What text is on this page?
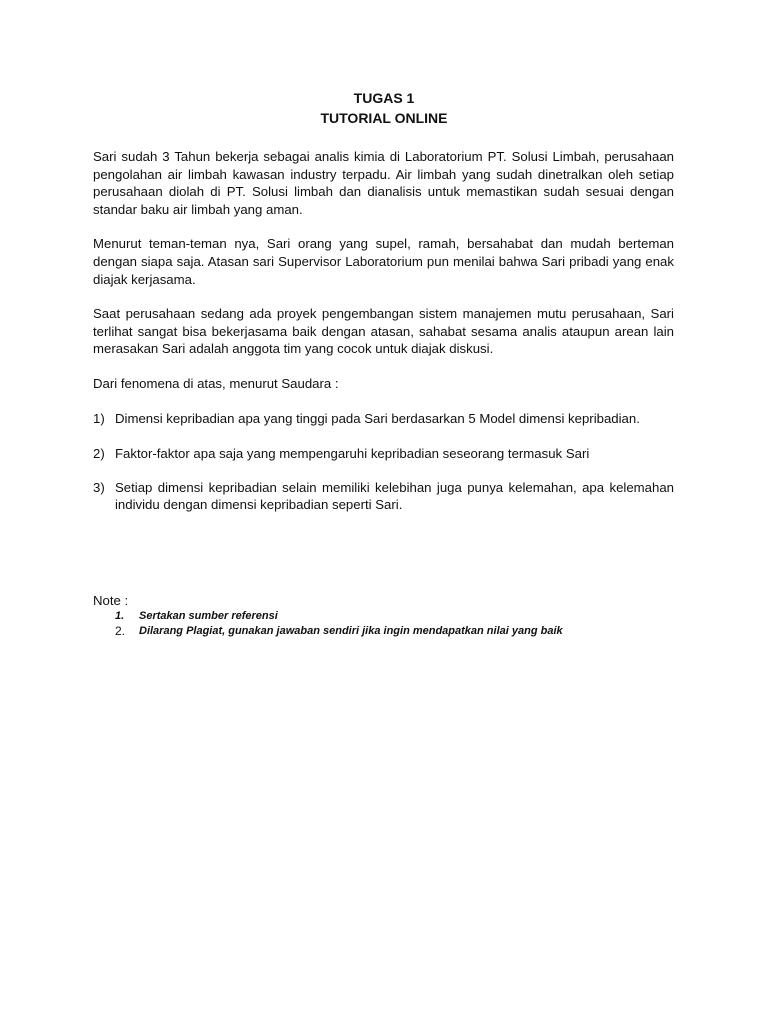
TUGAS 1
TUTORIAL ONLINE

Sari sudah 3 Tahun bekerja sebagai analis kimia di Laboratorium PT. Solusi Limbah, perusahaan pengolahan air limbah kawasan industry terpadu. Air limbah yang sudah dinetralkan oleh setiap perusahaan diolah di PT. Solusi limbah dan dianalisis untuk memastikan sudah sesuai dengan standar baku air limbah yang aman.

Menurut teman-teman nya, Sari orang yang supel, ramah, bersahabat dan mudah berteman dengan siapa saja. Atasan sari Supervisor Laboratorium pun menilai bahwa Sari pribadi yang enak diajak kerjasama.

Saat perusahaan sedang ada proyek pengembangan sistem manajemen mutu perusahaan, Sari terlihat sangat bisa bekerjasama baik dengan atasan, sahabat sesama analis ataupun arean lain merasakan Sari adalah anggota tim yang cocok untuk diajak diskusi.

Dari fenomena di atas, menurut Saudara :

1) Dimensi kepribadian apa yang tinggi pada Sari berdasarkan 5 Model dimensi kepribadian.
2) Faktor-faktor apa saja yang mempengaruhi kepribadian seseorang termasuk Sari
3) Setiap dimensi kepribadian selain memiliki kelebihan juga punya kelemahan, apa kelemahan individu dengan dimensi kepribadian seperti Sari.
Note :
1. Sertakan sumber referensi
2. Dilarang Plagiat, gunakan jawaban sendiri jika ingin mendapatkan nilai yang baik
